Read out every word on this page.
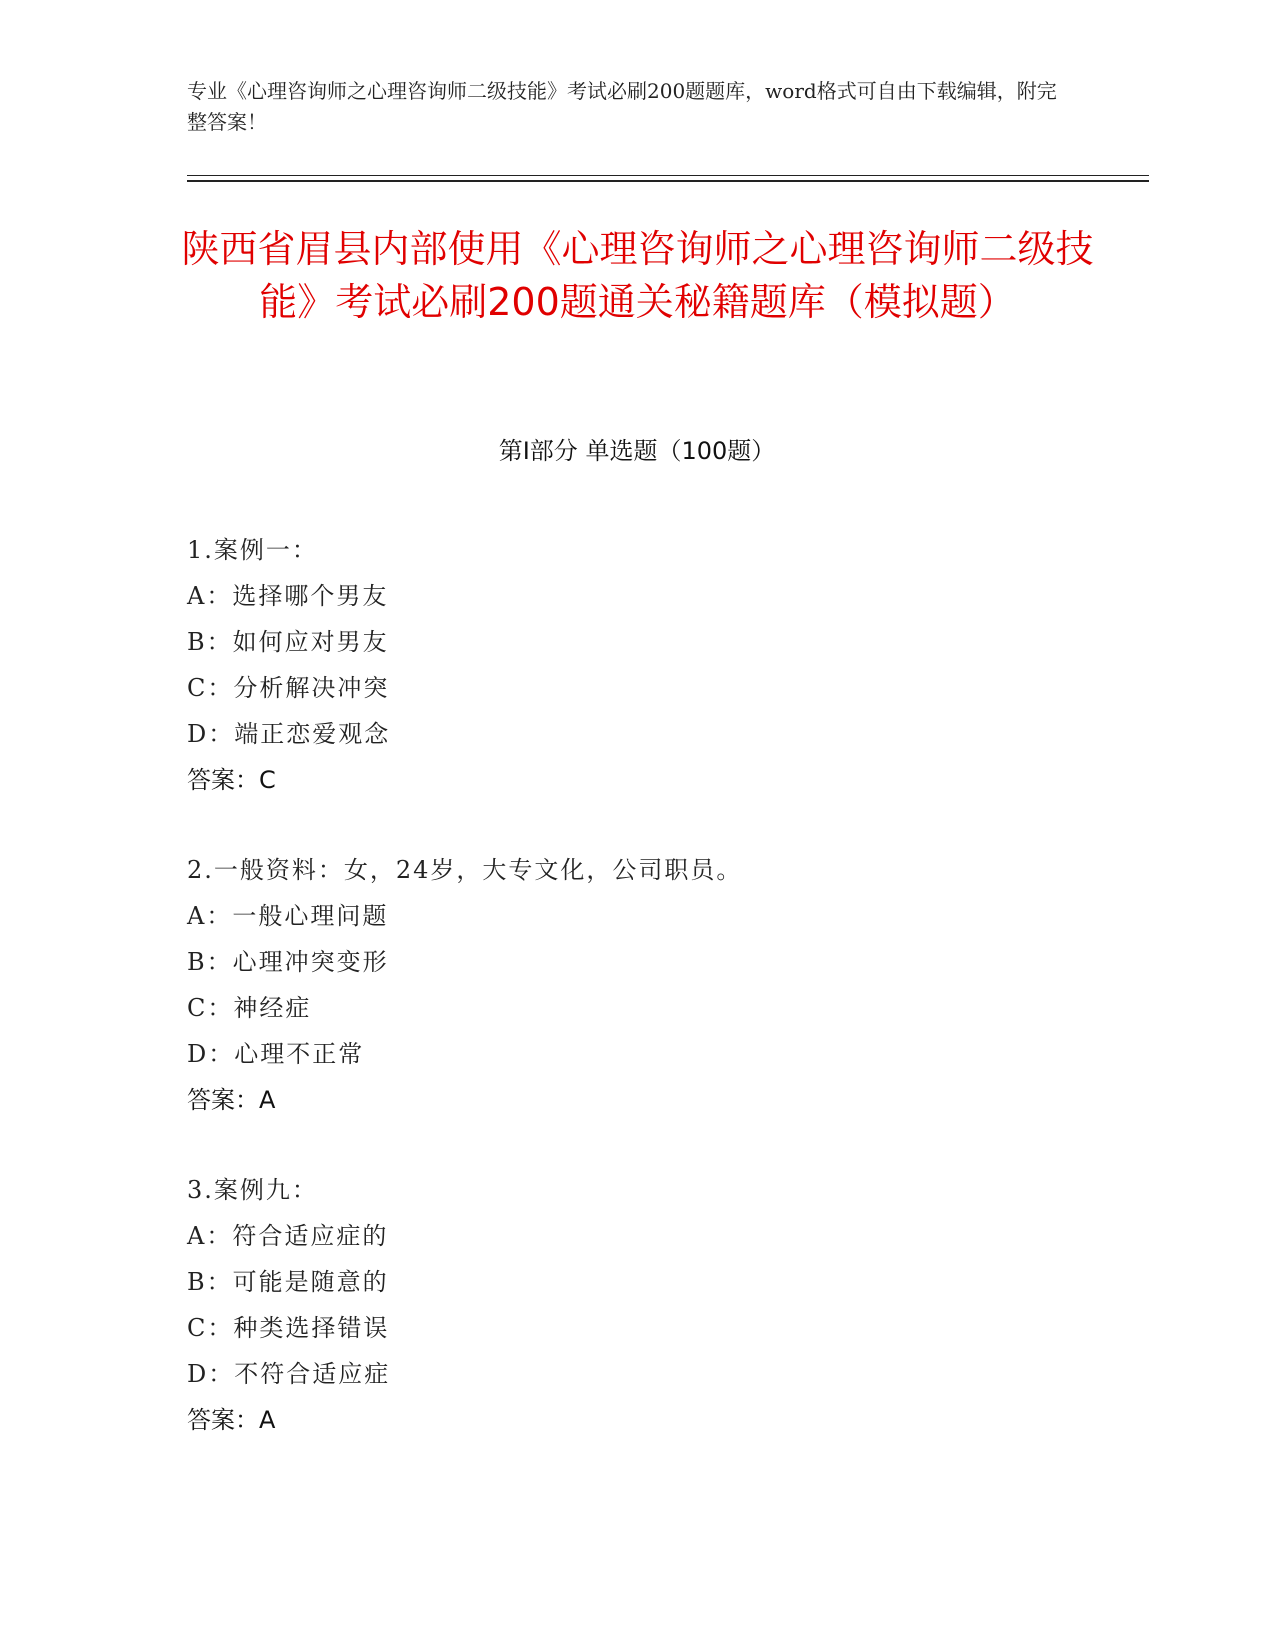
专业《心理咨询师之心理咨询师二级技能》考试必刷200题题库，word格式可自由下载编辑，附完整答案！
陕西省眉县内部使用《心理咨询师之心理咨询师二级技能》考试必刷200题通关秘籍题库（模拟题）
第Ⅰ部分 单选题（100题）
1.案例一：
A：选择哪个男友
B：如何应对男友
C：分析解决冲突
D：端正恋爱观念
答案：C
2.一般资料：女，24岁，大专文化，公司职员。
A：一般心理问题
B：心理冲突变形
C：神经症
D：心理不正常
答案：A
3.案例九：
A：符合适应症的
B：可能是随意的
C：种类选择错误
D：不符合适应症
答案：A
